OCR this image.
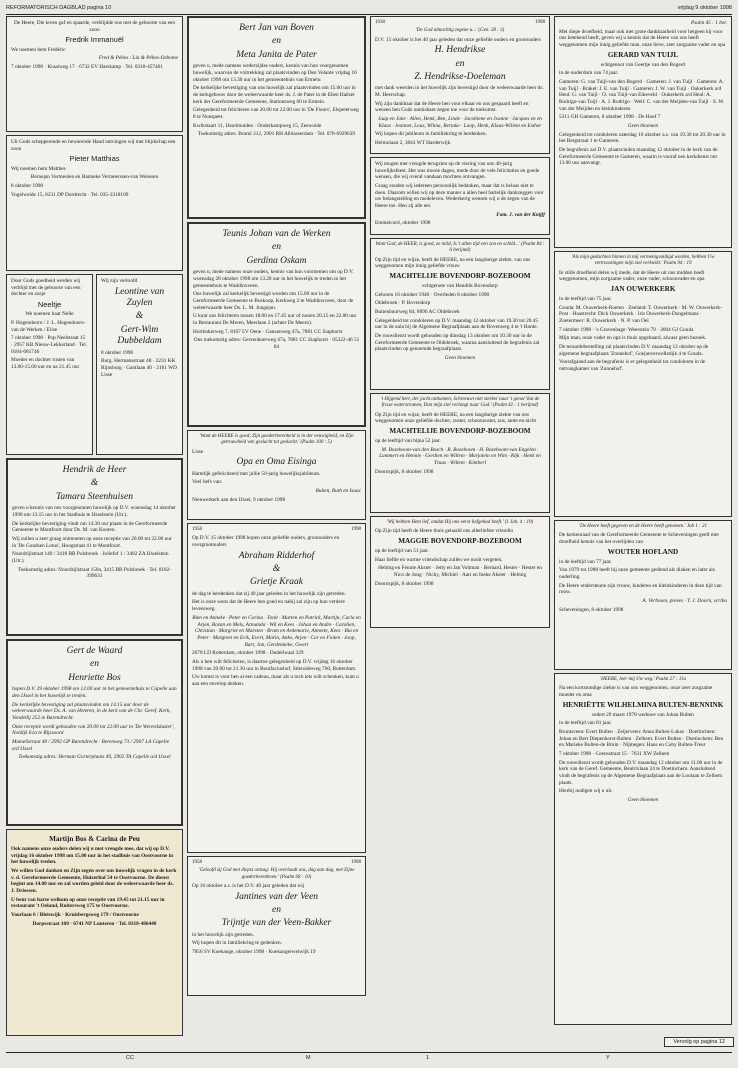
REFORMATORISCH DAGBLAD pagina 10	vrijdag 9 oktober 1998

De Heere, Die leven gaf en spaarde, verblijdde ons met de geboorte van een zoon

Fredrik Immanuël

We noemen hem Frédéric

Fred & Pébes / Lia & Pébes-Osbome

7 oktober 1998 · Kraaiweg 17 · 6732 EV Harskamp · Tel. 0318-457461

Uit Gods schepperende en bewarende Hand ontvingen wij met blijdschap een zoon

Pieter Matthias

Wij noemen hem Matthes

Bernejan Vermeulen en Hanneke Vermeerssen-van Wenssen

8 oktober 1998

Vogelweide 15, 8231 DP Dordrecht · Tel. 035-3318109

Door Gods goedheid werden wij verblijd met de geboorte van een dochter en zusje

Neeltje

We noemen haar Nelle

P. Hogendoorn / J. L. Hogendoorn-van de Werken / Elise

7 oktober 1998 · Pop Neelstraat 15 · 2957 KB Nieuw-Lekkerland · Tel. 0184-681746

Moeder en dochter rusten van 13.00-15.00 uur en na 21.45 uur

Wij zijn verloofd

Leontine van Zuylen
&
Gert-Wim Dubbeldam

8 oktober 1998

Burg. Hermansstraat 48 · 2231 KK Rijnsburg · Gantlaan 40 · 2161 WD Lisse

Hendrik de Heer
&
Tamara Steenhuisen

geven u kennis van ons voorgenomen huwelijk op D.V. woensdag 14 oktober 1998 om 13.15 uur in het Stadhuis te IJsselstein (Utr.).

De kerkelijke bevestiging vindt om 14.30 uur plaats in de Gereformeerde Gemeente te Montfoort door Ds. M. van Kooten.

Wij zullen u zeer graag ontmoeten op onze receptie van 20.00 tot 22.00 uur in 'De Goudsen Lotus', Hoogstraat 41 te Montfoort.

Noordrijlstraat 140 / 3418 BB Polsbroek · Joliefof 1 / 3402 ZA IJsselstein (Utr.)

Toekomstig adres: Noordrijlstraat 150a, 3415 BB Polsbroek · Tel. 0182-399631

Gert de Waard
en
Henriette Bos

hopen D.V. 29 oktober 1998 om 12.00 uur in het gemeentehuis te Capelle aan den IJssel in het huwelijk te treden.

De kerkelijke bevestiging zal plaatsvinden om 14.15 uur door de weleerwaarde heer Ds. A. van Heteren, in de kerk van de Chr. Geref. Kerk, Vondellij 252 te Barendrecht.

Onze receptie wordt gehouden van 20.00 tot 22.00 uur in 'De Wererdsluster', Noldijk 61a te Rijssoord.

Mamelistraat 40 / 2992 GP Barendrecht · Berenweg 73 / 2907 LA Capelle a/d IJssel

Toekomstig adres: Herman Gorterplaats 49, 2902 TA Capelle a/d IJssel

Martijn Bos & Carina de Peu

Ook namens onze ouders delen wij u met vreugde mee, dat wij op D.V. vrijdag 16 oktober 1998 om 15.00 uur in het stadhuis van Oostvoorne in het huwelijk treden.

We willen God danken en Zijn zegen over ons huwelijk vragen in de kerk v. d. Gereformeerde Gemeente, Huizerhof 54 te Oostvoorne. De dienst begint om 14.00 uur en zal worden geleid door de weleerwaarde heer ds. J. Driessen.

U bent van harte welkom op onze receptie van 19.45 tot 21.15 uur in restaurant 't Oeland, Ruitersweg 175 te Oostvoorne.

Voorlaan 6 / Bleiswijk · Kruisbergsweg 179 / Oostvoorne

Dorpsstraat 100 · 6741 NP Lunteren · Tel. 0318-486448

Bert Jan van Boven
en
Meta Janita de Pater

geven u, mede namens wederzijdse ouders, kennis van hun voorgenomen huwelijk, waarvan de voltrekking zal plaatsvinden op Den Volante vrijdag 16 oktober 1998 om 13.30 uur in het gemeentehuis van Ermelo.

De kerkelijke bevestiging van ons huwelijk zal plaatsvinden om 15.00 uur in de kerkgebouw door de weleerwaarde heer ds. J. de Pater in de Eben Haëzer kerk der Gereformeerde Gemeente, Stationsweg 60 te Ermelo.

Gelegenheid tot feliciteren van 20.00 tot 22.00 uur in 'De Floors', Elspeterweg 8 te Nunspeet.

Kwikstaart 11, IJsselmuiden · Onderkampweg 15, Zeewolde

Toekomstig adres: Bruml 212, 2901 RH Alblasserdam · Tel. 078-6929639

Teunis Johan van de Werken
en
Gerdina Oskam

geven u, mede namens onze ouders, kennis van hun voornemen om op D.V. woensdag 28 oktober 1998 om 13.20 uur in het huwelijk te treden in het gemeentehuis te Waddinxveen.

Ons huwelijk zal kerkelijk bevestigd worden om 15.00 uur in de Gereformeerde Gemeente te Boskoop, Kerkweg 2 te Waddinxveen, door de weleerwaarde heer Ds. L. M. Jongejan.

U kunt ons feliciteren tussen 18.00 en 17.45 uur of tussen 20.15 en 22.00 uur in Restaurant De Meren, Meerlaan 2 (achter De Meern).

Hortbokerweg 7, 8167 LV Oene · Ganzenweg 47a, 7881 CC Siaphorst

Ons toekomstig adres: Gerzenboerweg 47a, 7881 CC Siaphorst · 05322-46 51 84

'Want de HEERE is goed; Zijn goedertierenheid is in der eeuwigheid, en Zijn getrouwheid van geslacht tot geslacht.' (Psalm 100 : 5)

Lisse

Opa en Oma Eisinga

Hartelijk gefeliciteerd met jullie 50-jarig huwelijksjubileum.

Veel liefs van:

Ruben, Ruth en Isaac

Nieuwerkerk aan den IJssel, 9 oktober 1998

1958	1998

Op D.V. 15 oktober 1998 hopen onze geliefde ouders, grootouders en overgrootouders

Abraham Ridderhof
&
Grietje Kraak

de dag te herdenken dat zij 40 jaar geleden in het huwelijk zijn getreden.

Het is onze wens dat de Heere hen goed en nabij zal zijn op hun verdere levensweg.

Bien en Anneke · Peter en Corina · Tonit · Marten en Patrick, Martijn, Carla en Arjen, Rozan en Mels, Armanda · Wil en Kees · Johan en Andre · Carolien, Christian · Margriet en Marsten · Bram en Ardemarie, Annette, Kees · Bia en Peter · Margreet en Erik, Evert, Marin, Anke, Arjen · Cor en Fiolen · Joop, Bart, Jan, Gerdemieke, Gwert

2078 LD Rotterdam, oktober 1998 · Dudellwaal 329

Als u hen wilt feliciteren, is daartoe gelegenheid op D.V. vrijdag 16 oktober 1998 van 20.00 tot 21.30 uur in Bonifaciushof, Stieroldeweg 760, Rotterdam.

Uw komst is voor hen al een cadeau, maar als u toch iets wilt schenken, kunt u aan een envelop denken.

1958	1998

'Geloofd zij God met diepst ontzag: Hij overlaadt ons, dag aan dag, met Zijne goedertierenheen.' (Psalm 68 : 10)

Op 16 oktober a.s. is het D.V. 40 jaar geleden dat wij

Jantines van der Veen
en
Trijntje van der Veen-Bakker

in het huwelijk zijn getreden.

Wij hopen dit in familiekring te gedenken.

7856 SV Koekange, oktober 1998 · Koekangerweiwijk 19

1938	1998

'De God almachtig zegene u...' (Gen. 28 : 3)

D.V. 15 oktober is het 40 jaar geleden dat onze geliefde ouders en grootouders

H. Hendrikse
en
Z. Hendrikse-Doeleman

met dank weerden in het huwelijk zijn bevestigd door de weleerwaarde heer ds. M. Heerschap.

Wij zijn dankbaar dat de Heere hen voor elkaar en ons gespaard heeft en wensen hen Gods onmisbare zegen toe voor de toekomst.

Jaap en Joke · Allen, Henk, Ben, Linde · Jacobiene en Jeanne · Jacques en en Klaas · Jeannet, Lous, Wilma, Bertake · Loop, Henk, Klaas-Willem en Esther

Wij hopen dit jubileum in familiekring te herdenken.

Heimolaan 2, 3843 WT Harderwijk

Wij mogen met vreugde terugzien op de viering van ons 40-jarig huwelijksfeest. Het was mooie dagen, mede door de vele felicitaties en goede wensen, die wij overal vandaan mochten ontvangen.

Graag zouden wij iedereen persoonlijk bedanken, maar dat is helaas niet te doen. Daarom willen wij op deze manier u allen heel hartelijk dankzeggen voor uw belangstelling en medeleven. Wederkerig wensen wij u de zegen van de Heere toe. Hen zij alle eer.

Fam. J. van der Knijff

Emmelcord, oktober 1998

Want God, de HEER, is goed, zo mild, Is 't allen tijd een zon en schild...' (Psalm 84 : 6 berijmd)

Op Zijn tijd en wijze, heeft de HEERE, na een langdurige ziekte, van ons weggenomen mijn innig geliefde vrouw

MACHTELIJE BOVENDORP-BOZEBOOM

echtgenote van Hendrik Bovendorp

Geboren 16 oktober 1946 · Overleden 8 oktober 1998

Oldebroek · P. Bovendorp

Buitenbuurweg 84, 8096 AC Oldebroek

Gelegenheid tot condoleren op D.V. maandag 12 oktober van 19.30 tot 20.45 uur in de aula bij de Algemene Begraafplaats aan de Bovenweg 4 te 't Harde.

De rouwdienst wordt gehouden op dinsdag 13 oktober om 10.30 uur in de Gereformeerde Gemeente te Oldebroek, waarna aansluitend de begrafenis zal plaatsvinden op genoemde begraafplaats.

Geen bloemen

't Hijgend hert, der jacht ontkomen, Schreeuwt niet sterker naar 't genot Van de frisse waterstromen, Dan mijn ziel verlangt naar God.' (Psalm 42 : 1 berijmd)

Op Zijn tijd en wijze, heeft de HEERE, na een langdurige ziekte van ons weggenomen onze geliefde dochter, zuster, schoonzuster, zus, tante en nicht

MACHTELIJE BOVENDORP-BOZEBOOM

op de leeftijd van bijna 52 jaar.

M. Bozeboom-van den Bosch · B. Bozeboom · H. Bozeboom-van Engelen · Lammert en Hennie · Gerdien en Willem · Marjolein en Wim · Rijk · Henk en Truus · Willem · Kimberl

Doornspijk, 8 oktober 1998

'Wij hebben Hem lief, omdat Hij ons eerst liefgehad heeft.' (1 Joh. 4 : 19)

Op Zijn tijd heeft de Heere thuis gehaald ons allerliefste vriendin

MAGGIE BOVENDORP-BOZEBOOM

op de leeftijd van 51 jaar.

Haar liefde en warme vriendschap zullen we nooit vergeten.

Helmig en Fennie Akster · Jetty en Jan Voltman · Bernard, Hester · Hester en Nico de Jong · Nicky, Michiel · Aart en Ineke Akster · Helmig

Doornspijk, 8 oktober 1998

Psalm 45 : 1 ber.

Met diepe droefheid, maar ook met grote dankbaarheid voor hetgeen hij voor ons betekend heeft, geven wij u kennis dat de Heere van ons heeft weggenomen mijn innig geliefde man, onze lieve, zeer zorgzame vader en opa

GERARD VAN TUIJL

echtgenoot van Geertje van den Bogerd

in de ouderdom van 74 jaar.

Gameren: G. van Tuijl-van den Bogerd · Gameren: J. van Tuijl · Gameren: A. van Tuijl · Brakel: J. E. van Tuijl · Gameren: J. W. van Tuijl · Oukerkerk a/d Heul: G. van Tuijl · O. van Tuijl-van Eikeveld · Oukerkerk a/d Heul: A. Rodrigo-van Tuijl · A. J. Rodrigo · Well: C. van der Meijden-van Tuijl · S. W. van der Meijden en kleinkinderen

5311 GH Gameren, 8 oktober 1998 · De Hoef 7

Geen bloemen

Gelegenheid tot condoleren zaterdag 10 oktober a.s. van 19.30 tot 20.30 uur in het Bergstraat 1 te Gameren.

De begrafenis zal D.V. plaatsvinden maandag 12 oktober in de kerk van de Gereformeerde Gemeente te Gameren, waarin is vooraf een kerkdienst om 13.00 uur aanvangt.

'Als mijn gedachten binnen in mij vermenigvuldigd worden, hebben Uw vertroostingen mijn ziel verkwikt.' Psalm 94 : 19

In stille droefheid delen wij mede, dat de Heere uit ons midden heeft weggenomen, mijn zorgzame vader, onze vader, schoonvader en opa

JAN OUWERKERK

in de leeftijd van 75 jaar.

Gouda: M. Ouwerkerk-Roeten · Zeeland: T. Ouwerkerk · M. W. Ouwerkerk-Post · Haastrecht: Dick Ouwerkerk · Iris Ouwerkerk-Dongelmans · Zoetermeer: R. Ouwerkerk · N. P. van Oel

7 oktober 1998 · 's Gravenhage: Weerstein 79 · 2004 GJ Gouda

Mijn man, onze vader en opa is thuis opgebaard, alwaar geen bezoek.

De teraardebestelling zal plaatsvinden D.V. maandag 12 oktober op de algemene begraafplaats 'Zonnehof', Goejanverwelledijk 4 te Gouda.

Voorafgaand aan de begrafenis is er gelegenheid tot condoleren in de ontvangkamer van 'Zonnehof'.

'De Heere heeft gegeven en de Heere heeft genomen.' Job 1 : 21

De kerkenraad van de Gereformeerde Gemeente te Scheveningen geeft met droefheid kennis van het overlijden van

WOUTER HOFLAND

in de leeftijd van 77 jaar.

Van 1979 tot 1988 heeft hij onze gemeente gediend als diaken en later als ouderling.

De Heere ondersteune zijn vrouw, kinderen en kleinkinderen in deze tijd van rouw.

A. Verboom, preses · T. J. Doorn, scriba

Scheveningen, 8 oktober 1998

'HEERE, leer mij Uw weg.' Psalm 27 : 11a

Na een kortstondige ziekte is van ons weggenomen, onze zeer zorgzame moeder en oma

HENRIËTTE WILHELMINA BULTEN-BENNINK

sedert 29 maart 1978 weduwe van Johan Bulten

in de leeftijd van 81 jaar.

Bruntsveen: Evert Bulten · Zeijerveen: Anna Bulten-Lukas · Doetinchem: Johan en Bert Diepenhorst-Bulten · Zelhem: Evert Bulten · Doetinchem: Ben en Marieke Bulten-de Bruin · Nijmegen: Hans en Coby Bulten-Treur

7 oktober 1998 · Coensstraat 15 · 7631 XW Zelhem

De rouwdienst wordt gehouden D.V. maandag 12 oktober om 11.00 uur in de kerk van de Geref. Gemeente, Beatrixlaan 24 te Doetinchem. Aansluitend vindt de begrafenis op de Algemene Begraafplaats aan de Loolaan te Zelhem plaats.

Hierbij nodigen wij u uit.

Geen bloemen

Vervolg op pagina 12
CC	M	1	Y
